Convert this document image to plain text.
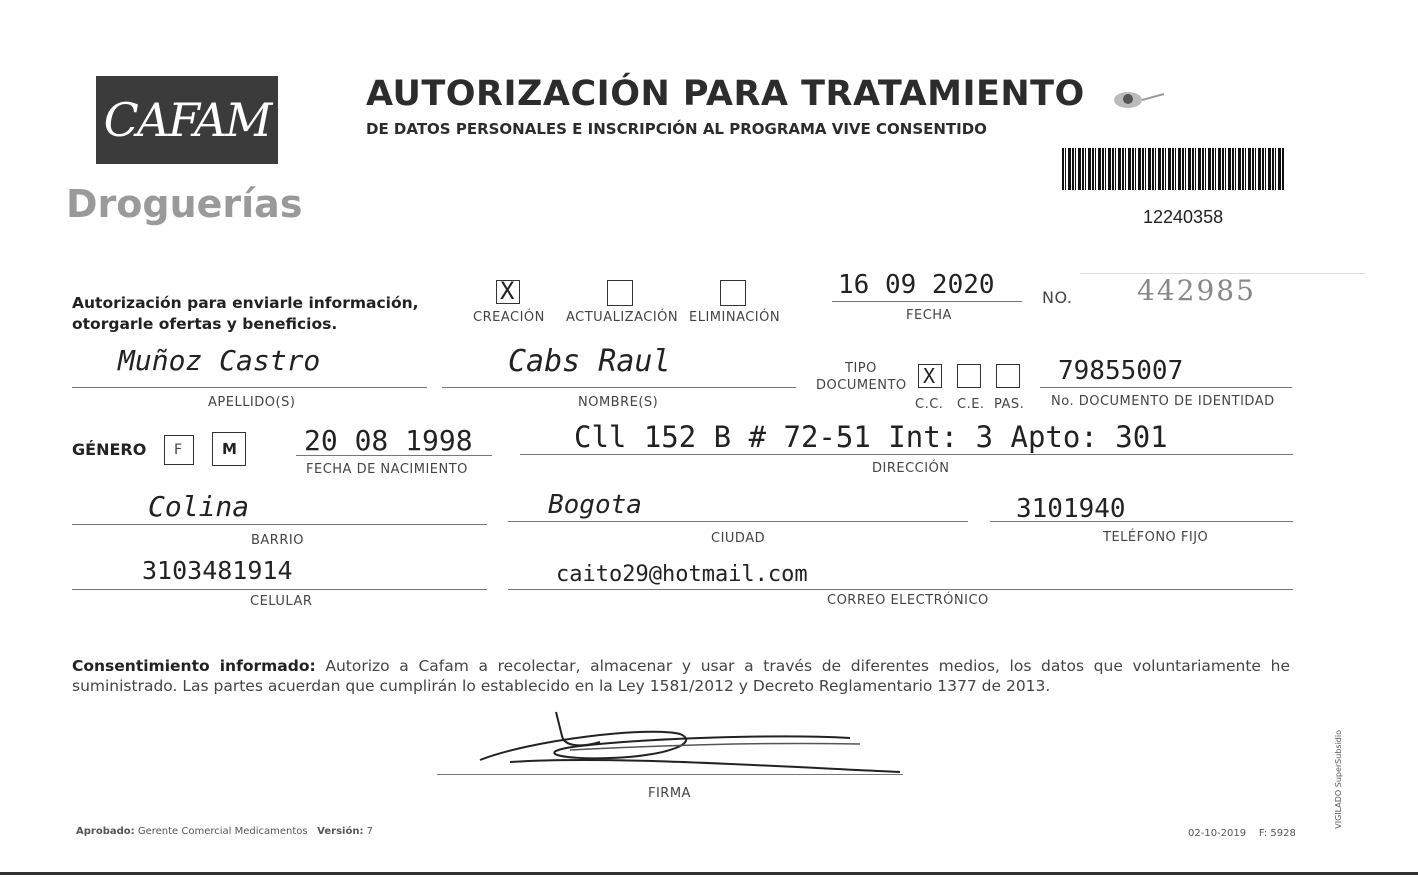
CAFAM
Droguerías
AUTORIZACIÓN PARA TRATAMIENTO
DE DATOS PERSONALES E INSCRIPCIÓN AL PROGRAMA VIVE CONSENTIDO
12240358
Autorización para enviarle información,
otorgarle ofertas y beneficios.
X
CREACIÓN ACTUALIZACIÓN ELIMINACIÓN
16 09 2020
FECHA
NO. 442985
Muñoz Castro
APELLIDO(S)
Cabs Raul
NOMBRE(S)
TIPO
DOCUMENTO X
C.C. C.E. PAS.
79855007
No. DOCUMENTO DE IDENTIDAD
GÉNERO F	M 20 08 1998
FECHA DE NACIMIENTO
Cll 152 B # 72-51 Int: 3 Apto: 301
DIRECCIÓN
Colina
BARRIO
Bogota
CIUDAD
3101940
TELÉFONO FIJO
3103481914
CELULAR
caito29@hotmail.com
CORREO ELECTRÓNICO
Consentimiento informado: Autorizo a Cafam a recolectar, almacenar y usar a través de diferentes medios, los datos que voluntariamente he suministrado. Las partes acuerdan que cumplirán lo establecido en la Ley 1581/2012 y Decreto Reglamentario 1377 de 2013.
FIRMA
Aprobado: Gerente Comercial Medicamentos Versión: 7	02-10-2019 F: 5928
VIGILADO SuperSubsidio
